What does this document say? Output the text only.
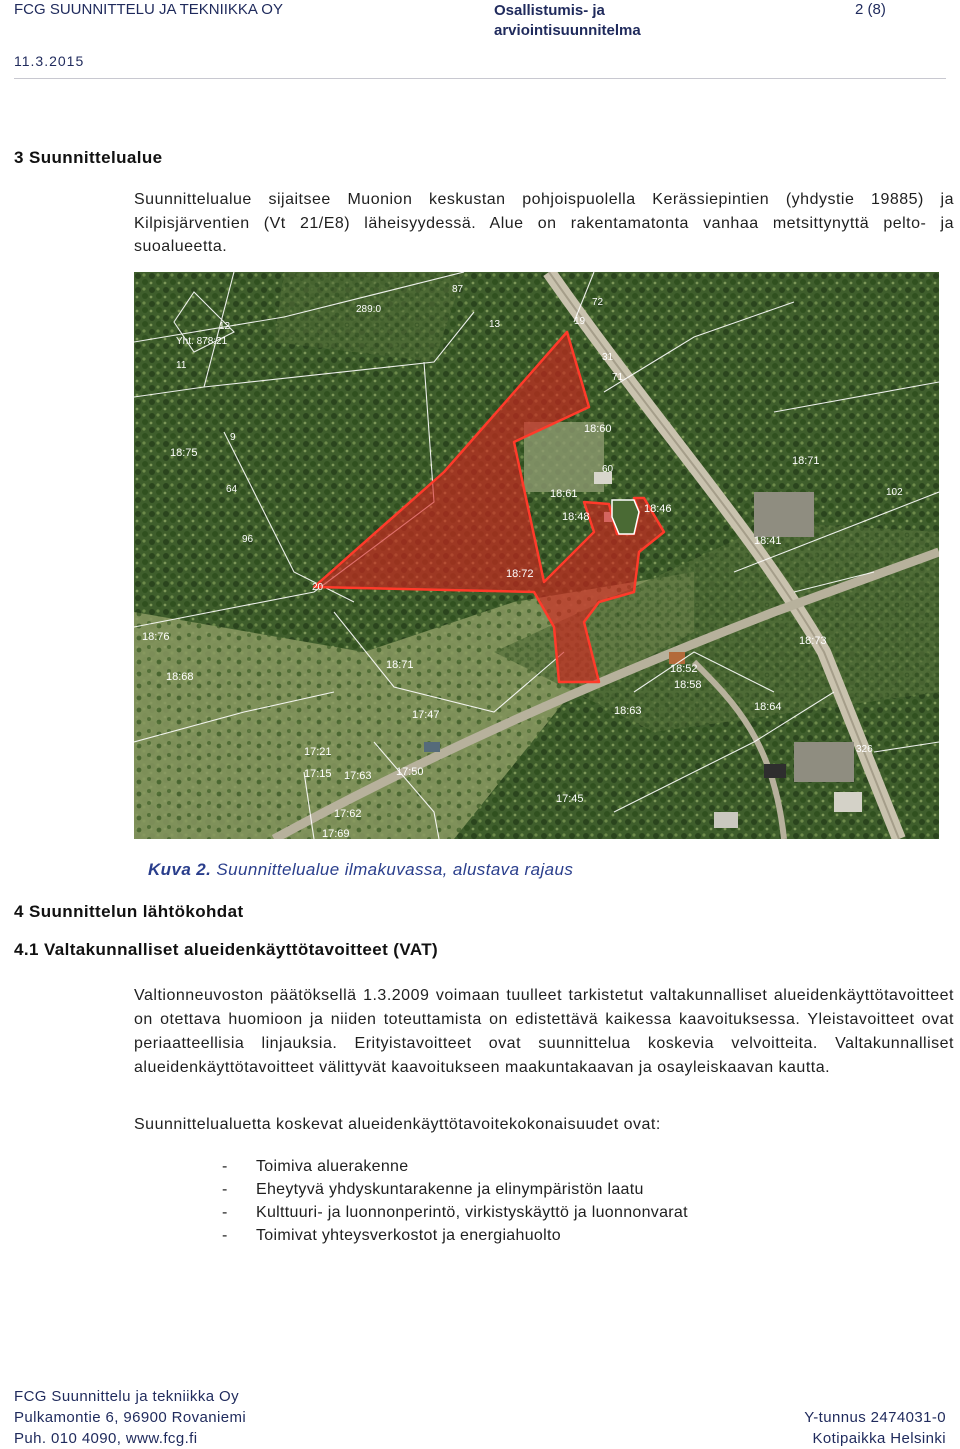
FCG SUUNNITTELU JA TEKNIIKKA OY	Osallistumis- ja arviointisuunnitelma
2 (8)
11.3.2015
3 Suunnittelualue
Suunnittelualue sijaitsee Muonion keskustan pohjoispuolella Kerässiepintien (yhdystie 19885) ja Kilpisjärventien (Vt 21/E8) läheisyydessä. Alue on rakentamatonta vanhaa metsittynyttä pelto- ja suoalueetta.
87
13
12
Yht. 878:21
11
289:0
72
19
31
71
9
18:75
64
18:60
60
18:71
18:61
18:48
18:46
102
96	18:41
18:72
20
18:76	18:73
18:68
18:71	18:52
18:58
18:63	18:64
17:47
17:21
17:15 17:63 17:50
17:62
17:69
17:45
326
Kuva 2. Suunnittelualue ilmakuvassa, alustava rajaus
4 Suunnittelun lähtökohdat
4.1 Valtakunnalliset alueidenkäyttötavoitteet (VAT)
Valtionneuvoston päätöksellä 1.3.2009 voimaan tuulleet tarkistetut valtakunnalliset alueidenkäyttötavoitteet on otettava huomioon ja niiden toteuttamista on edistettävä kaikessa kaavoituksessa. Yleistavoitteet ovat periaatteellisia linjauksia. Erityistavoitteet ovat suunnittelua koskevia velvoitteita. Valtakunnalliset alueidenkäyttötavoitteet välittyvät kaavoitukseen maakuntakaavan ja osayleiskaavan kautta.
Suunnittelualuetta koskevat alueidenkäyttötavoitekokonaisuudet ovat:
- Toimiva aluerakenne
- Eheytyvä yhdyskuntarakenne ja elinympäristön laatu
- Kulttuuri- ja luonnonperintö, virkistyskäyttö ja luonnonvarat
- Toimivat yhteysverkostot ja energiahuolto
FCG Suunnittelu ja tekniikka Oy
Pulkamontie 6, 96900 Rovaniemi
Puh. 010 4090, www.fcg.fi
Y-tunnus 2474031-0
Kotipaikka Helsinki
